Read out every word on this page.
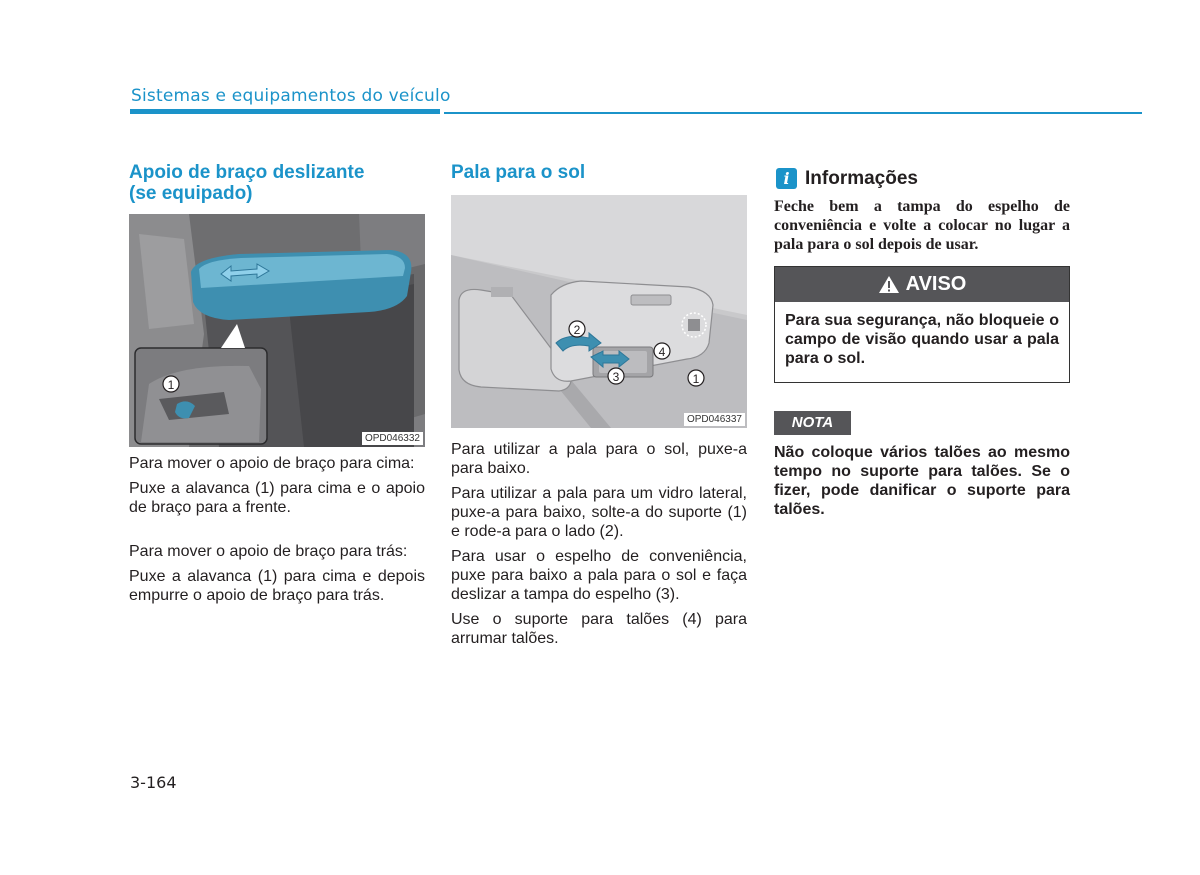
Sistemas e equipamentos do veículo
Apoio de braço deslizante
(se equipado)
1
OPD046332

Para mover o apoio de braço para cima:

Puxe a alavanca (1) para cima e o apoio de braço para a frente.

Para mover o apoio de braço para trás:

Puxe a alavanca (1) para cima e depois empurre o apoio de braço para trás.

Pala para o sol
1
2
3
4
OPD046337

Para utilizar a pala para o sol, puxe-a para baixo.

Para utilizar a pala para um vidro lateral, puxe-a para baixo, solte-a do suporte (1) e rode-a para o lado (2).

Para usar o espelho de conveniência, puxe para baixo a pala para o sol e faça deslizar a tampa do espelho (3).

Use o suporte para talões (4) para arrumar talões.

i Informações
Feche bem a tampa do espelho de conveniência e volte a colocar no lugar a pala para o sol depois de usar.
AVISO
Para sua segurança, não bloqueie o campo de visão quando usar a pala para o sol.
NOTA
Não coloque vários talões ao mesmo tempo no suporte para talões. Se o fizer, pode danificar o suporte para talões.
3-164
